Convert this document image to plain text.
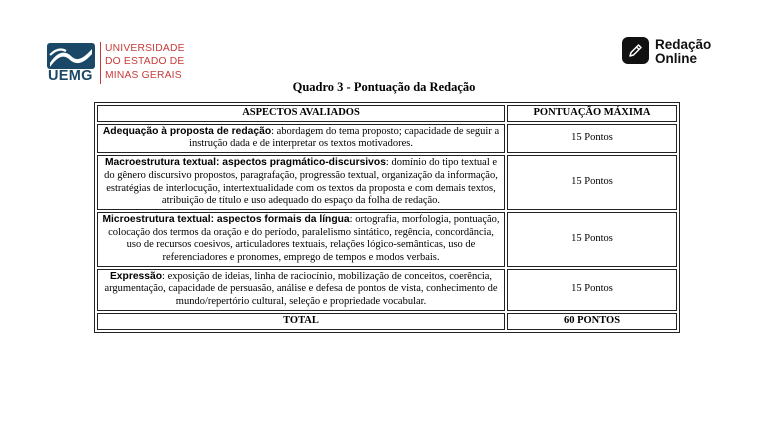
UEMG
UNIVERSIDADE
DO ESTADO DE
MINAS GERAIS
Redação
Online
Quadro 3 - Pontuação da Redação
ASPECTOS AVALIADOS	PONTUAÇÃO MÁXIMA
Adequação à proposta de redação: abordagem do tema proposto; capacidade de seguir a instrução dada e de interpretar os textos motivadores.	15 Pontos
Macroestrutura textual: aspectos pragmático-discursivos: domínio do tipo textual e do gênero discursivo propostos, paragrafação, progressão textual, organização da informação, estratégias de interlocução, intertextualidade com os textos da proposta e com demais textos, atribuição de título e uso adequado do espaço da folha de redação.	15 Pontos
Microestrutura textual: aspectos formais da língua: ortografia, morfologia, pontuação, colocação dos termos da oração e do período, paralelismo sintático, regência, concordância, uso de recursos coesivos, articuladores textuais, relações lógico-semânticas, uso de referenciadores e pronomes, emprego de tempos e modos verbais.	15 Pontos
Expressão: exposição de ideias, linha de raciocínio, mobilização de conceitos, coerência, argumentação, capacidade de persuasão, análise e defesa de pontos de vista, conhecimento de mundo/repertório cultural, seleção e propriedade vocabular.	15 Pontos
TOTAL	60 PONTOS
